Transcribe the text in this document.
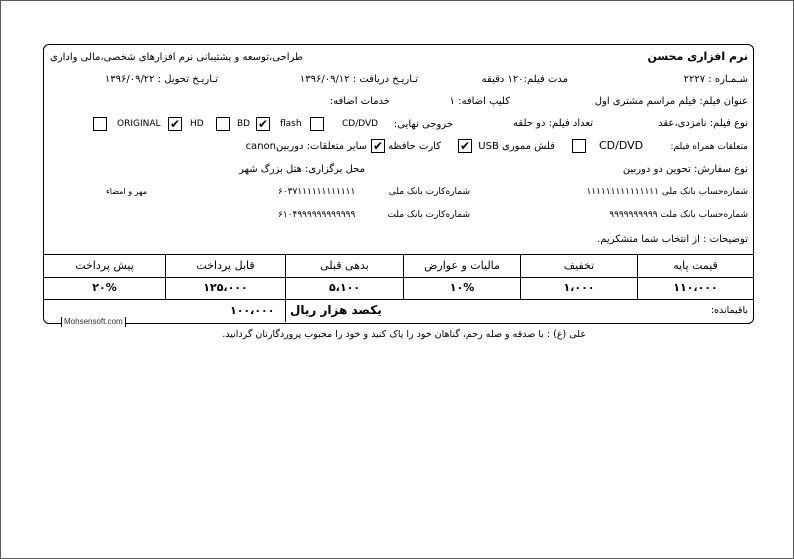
نرم افزاری محسن
طراحی،توسعه و پشتیبانی نرم افزارهای شخصی،مالی واداری
شـمـاره : ۲۲۲۷
مدت فیلم:۱۲۰ دقیقه
تـاریـخ دریافت : ۱۳۹۶/۰۹/۱۲
تـاریـخ تحویل : ۱۳۹۶/۰۹/۲۲
عنوان فیلم: فیلم مراسم مشتری اول
کلیپ اضافه: ۱
خدمات اضافه:
نوع فیلم: نامزدی،عقد
تعداد فیلم: دو حلقه
خروجی نهایی:
CD/DVD
flash
✔
BD
HD
✔
ORIGINAL
متعلقات همراه فیلم:
CD/DVD
فلش مموری USB
✔
کارت حافظه
✔
سایر متعلقات: دوربینcanon
نوع سفارش: تحوین دو دوربین
محل برگزاری: هتل بزرگ شهر
شماره‌حساب بانک ملی ۱۱۱۱۱۱۱۱۱۱۱۱۱۱۱
شماره‌کارت بانک ملی
۶۰۳۷۱۱۱۱۱۱۱۱۱۱۱۱
مهر و امضاء
شماره‌حساب بانک ملت ۹۹۹۹۹۹۹۹۹۹
شماره‌کارت بانک ملت
۶۱۰۴۹۹۹۹۹۹۹۹۹۹۹۹
توضیحات : از انتخاب شما متشکریم.
قیمت پایه
تخفیف
مالیات و عوارض
بدهی قبلی
قابل پرداخت
پیش پرداخت
۱۱۰،۰۰۰
۱،۰۰۰
۱۰%
۵،۱۰۰
۱۲۵،۰۰۰
۲۰%
باقیمانده:
یکصد هزار ریال
۱۰۰،۰۰۰
Mohsensoft.com
علی (ع) : با صدقه و صله رحم، گناهان خود را پاک کنید و خود را محبوب پروردگارتان گردانید.
